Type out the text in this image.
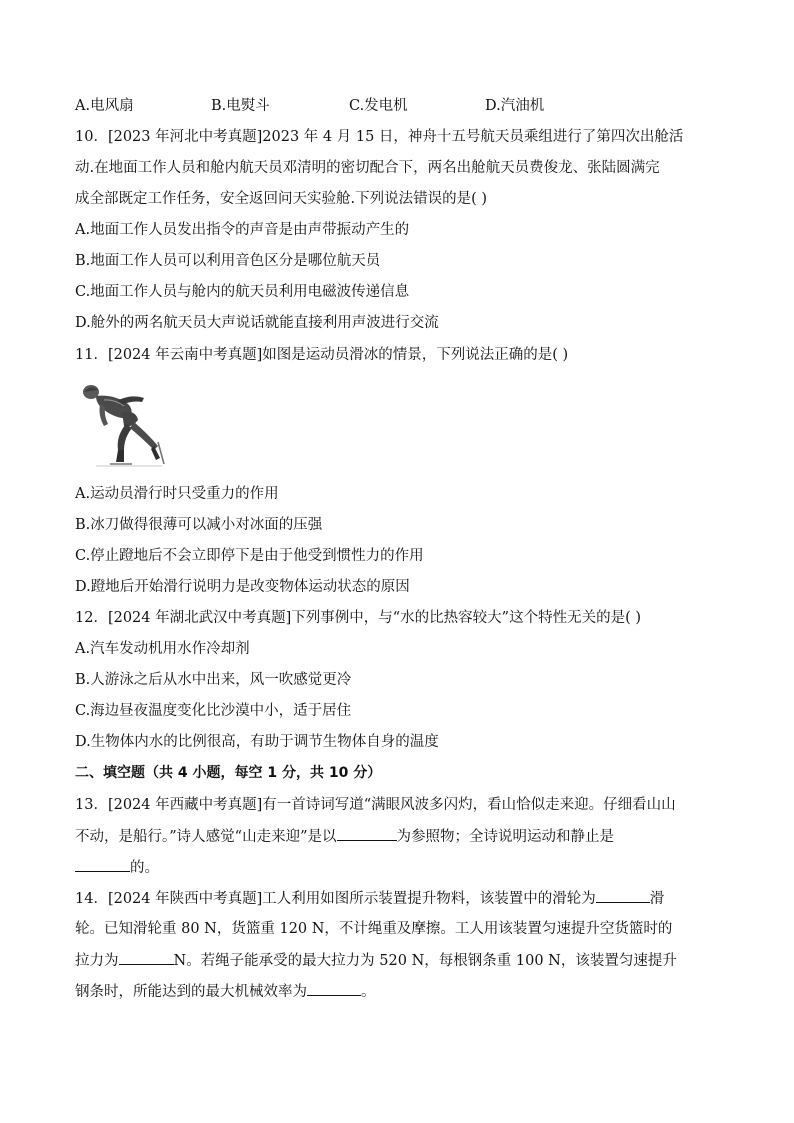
A.电风扇	B.电熨斗	C.发电机	D.汽油机
10．[2023 年河北中考真题]2023 年 4 月 15 日，神舟十五号航天员乘组进行了第四次出舱活
动.在地面工作人员和舱内航天员邓清明的密切配合下，两名出舱航天员费俊龙、张陆圆满完
成全部既定工作任务，安全返回问天实验舱.下列说法错误的是( )
A.地面工作人员发出指令的声音是由声带振动产生的
B.地面工作人员可以利用音色区分是哪位航天员
C.地面工作人员与舱内的航天员利用电磁波传递信息
D.舱外的两名航天员大声说话就能直接利用声波进行交流
11．[2024 年云南中考真题]如图是运动员滑冰的情景，下列说法正确的是( )
A.运动员滑行时只受重力的作用
B.冰刀做得很薄可以减小对冰面的压强
C.停止蹬地后不会立即停下是由于他受到惯性力的作用
D.蹬地后开始滑行说明力是改变物体运动状态的原因
12．[2024 年湖北武汉中考真题]下列事例中，与“水的比热容较大”这个特性无关的是( )
A.汽车发动机用水作冷却剂
B.人游泳之后从水中出来，风一吹感觉更冷
C.海边昼夜温度变化比沙漠中小，适于居住
D.生物体内水的比例很高，有助于调节生物体自身的温度
二、填空题（共 4 小题，每空 1 分，共 10 分）
13．[2024 年西藏中考真题]有一首诗词写道“满眼风波多闪灼，看山恰似走来迎。仔细看山山
不动，是船行。”诗人感觉“山走来迎”是以	为参照物；全诗说明运动和静止是
的。
14．[2024 年陕西中考真题]工人利用如图所示装置提升物料，该装置中的滑轮为	滑
轮。已知滑轮重 80 N，货篮重 120 N，不计绳重及摩擦。工人用该装置匀速提升空货篮时的
拉力为	N。若绳子能承受的最大拉力为 520 N，每根钢条重 100 N，该装置匀速提升
钢条时，所能达到的最大机械效率为	。
